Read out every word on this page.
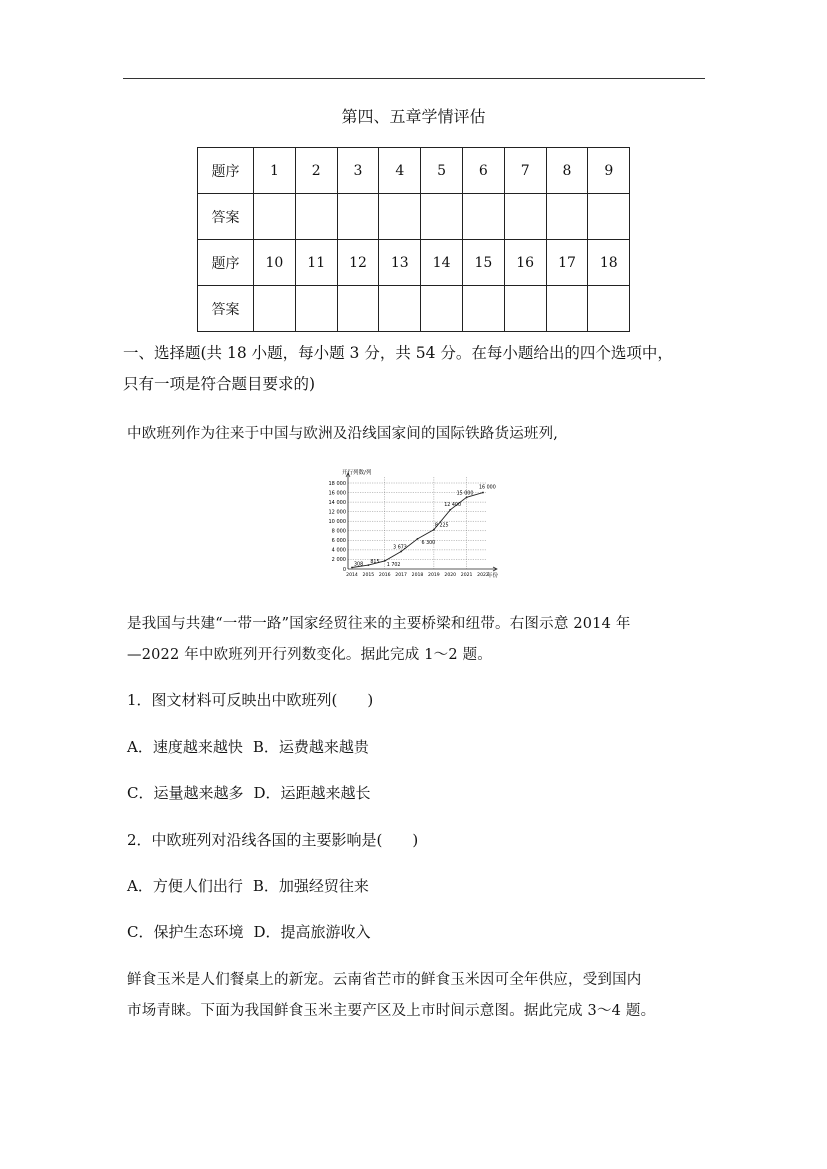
第四、五章学情评估
题序	1	2	3	4	5	6	7	8	9
答案									
题序	10	11	12	13	14	15	16	17	18
答案									
一、选择题(共 18 小题，每小题 3 分，共 54 分。在每小题给出的四个选项中，
只有一项是符合题目要求的)
中欧班列作为往来于中国与欧洲及沿线国家间的国际铁路货运班列,
18 000
16 000
14 000
12 000
10 000
8 000
6 000
4 000
2 000
0
2014 2015 2016 2017 2018 2019 2020 2021 2022
308 815
1 702
3 673
6 300
8 225
12 400
15 000
16 000
开行列数/列
年份
是我国与共建“一带一路”国家经贸往来的主要桥梁和纽带。右图示意 2014 年
—2022 年中欧班列开行列数变化。据此完成 1～2 题。
1．图文材料可反映出中欧班列(　　)
A．速度越来越快 B．运费越来越贵
C．运量越来越多 D．运距越来越长
2．中欧班列对沿线各国的主要影响是(　　)
A．方便人们出行 B．加强经贸往来
C．保护生态环境 D．提高旅游收入
鲜食玉米是人们餐桌上的新宠。云南省芒市的鲜食玉米因可全年供应，受到国内
市场青睐。下面为我国鲜食玉米主要产区及上市时间示意图。据此完成 3～4 题。
